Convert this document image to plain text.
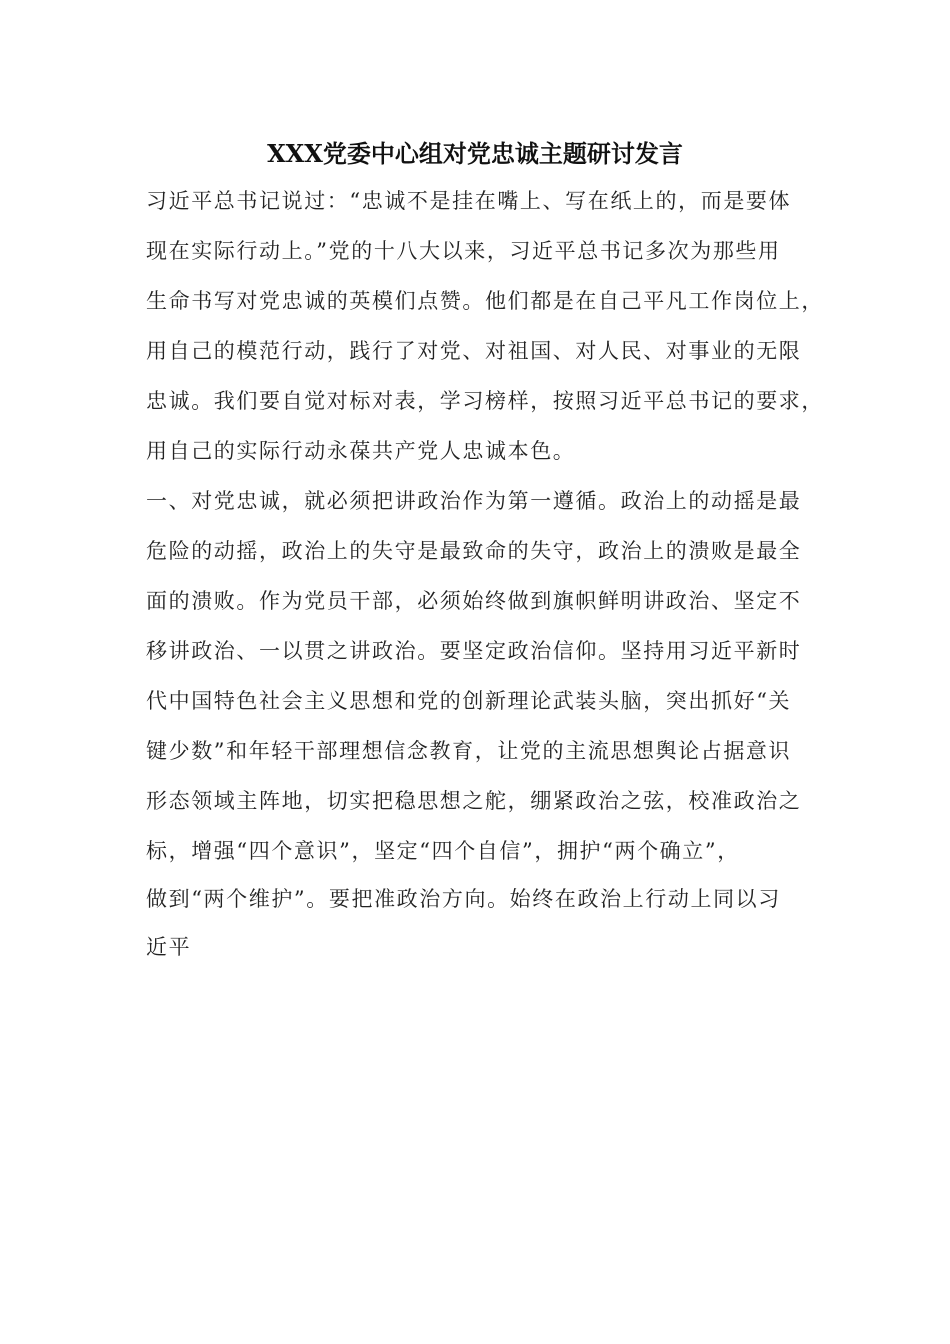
XXX党委中心组对党忠诚主题研讨发言
习近平总书记说过：“忠诚不是挂在嘴上、写在纸上的，而是要体
现在实际行动上。”党的十八大以来，习近平总书记多次为那些用
生命书写对党忠诚的英模们点赞。他们都是在自己平凡工作岗位上，
用自己的模范行动，践行了对党、对祖国、对人民、对事业的无限
忠诚。我们要自觉对标对表，学习榜样，按照习近平总书记的要求，
用自己的实际行动永葆共产党人忠诚本色。
一、对党忠诚，就必须把讲政治作为第一遵循。政治上的动摇是最
危险的动摇，政治上的失守是最致命的失守，政治上的溃败是最全
面的溃败。作为党员干部，必须始终做到旗帜鲜明讲政治、坚定不
移讲政治、一以贯之讲政治。要坚定政治信仰。坚持用习近平新时
代中国特色社会主义思想和党的创新理论武装头脑，突出抓好“关
键少数”和年轻干部理想信念教育，让党的主流思想舆论占据意识
形态领域主阵地，切实把稳思想之舵，绷紧政治之弦，校准政治之
标，增强“四个意识”，坚定“四个自信”，拥护“两个确立”，
做到“两个维护”。要把准政治方向。始终在政治上行动上同以习
近平
